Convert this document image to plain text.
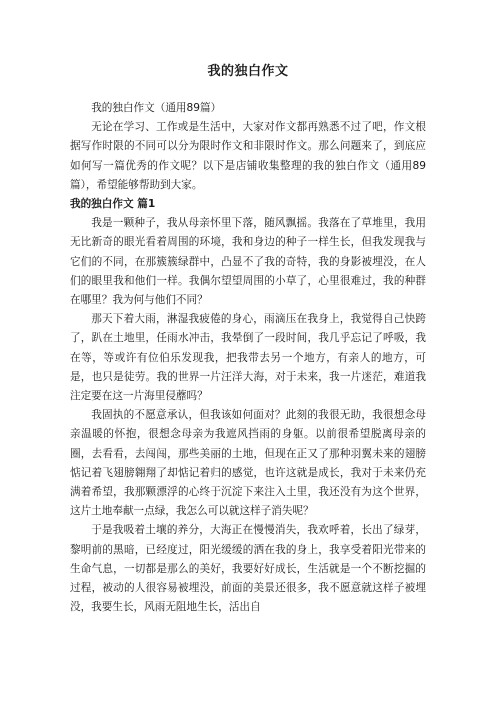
我的独白作文

我的独白作文（通用89篇）

无论在学习、工作或是生活中，大家对作文都再熟悉不过了吧，作文根据写作时限的不同可以分为限时作文和非限时作文。那么问题来了，到底应如何写一篇优秀的作文呢？以下是店铺收集整理的我的独白作文（通用89篇），希望能够帮助到大家。

我的独白作文 篇1

我是一颗种子，我从母亲怀里下落，随风飘摇。我落在了草堆里，我用无比新奇的眼光看着周围的环境，我和身边的种子一样生长，但我发现我与它们的不同，在那簇簇绿群中，凸显不了我的奇特，我的身影被埋没，在人们的眼里我和他们一样。我偶尔望望周围的小草了，心里很难过，我的种群在哪里？我为何与他们不同？

那天下着大雨，淋湿我疲倦的身心，雨滴压在我身上，我觉得自己快跨了，趴在土地里，任雨水冲击，我晕倒了一段时间，我几乎忘记了呼吸，我在等，等或许有位伯乐发现我，把我带去另一个地方，有亲人的地方，可是，也只是徒劳。我的世界一片汪洋大海，对于未来，我一片迷茫，难道我注定要在这一片海里侵蘼吗？

我固执的不愿意承认，但我该如何面对？此刻的我很无助，我很想念母亲温暖的怀抱，很想念母亲为我遮风挡雨的身躯。以前很希望脱离母亲的圈，去看看，去闯闯，那些美丽的土地，但现在正又了那种羽翼未来的翅膀惦记着飞翅膀翱翔了却惦记着归的感觉，也许这就是成长，我对于未来仍充满着希望，我那颗漂浮的心终于沉淀下来注入土里，我还没有为这个世界，这片土地奉献一点绿，我怎么可以就这样子消失呢？

于是我吸着土壤的养分，大海正在慢慢消失，我欢呼着，长出了绿芽，黎明前的黑暗，已经度过，阳光缓缓的洒在我的身上，我享受着阳光带来的生命气息，一切都是那么的美好，我要好好成长，生活就是一个不断挖掘的过程，被动的人很容易被埋没，前面的美景还很多，我不愿意就这样子被埋没，我要生长，风雨无阻地生长，活出自
